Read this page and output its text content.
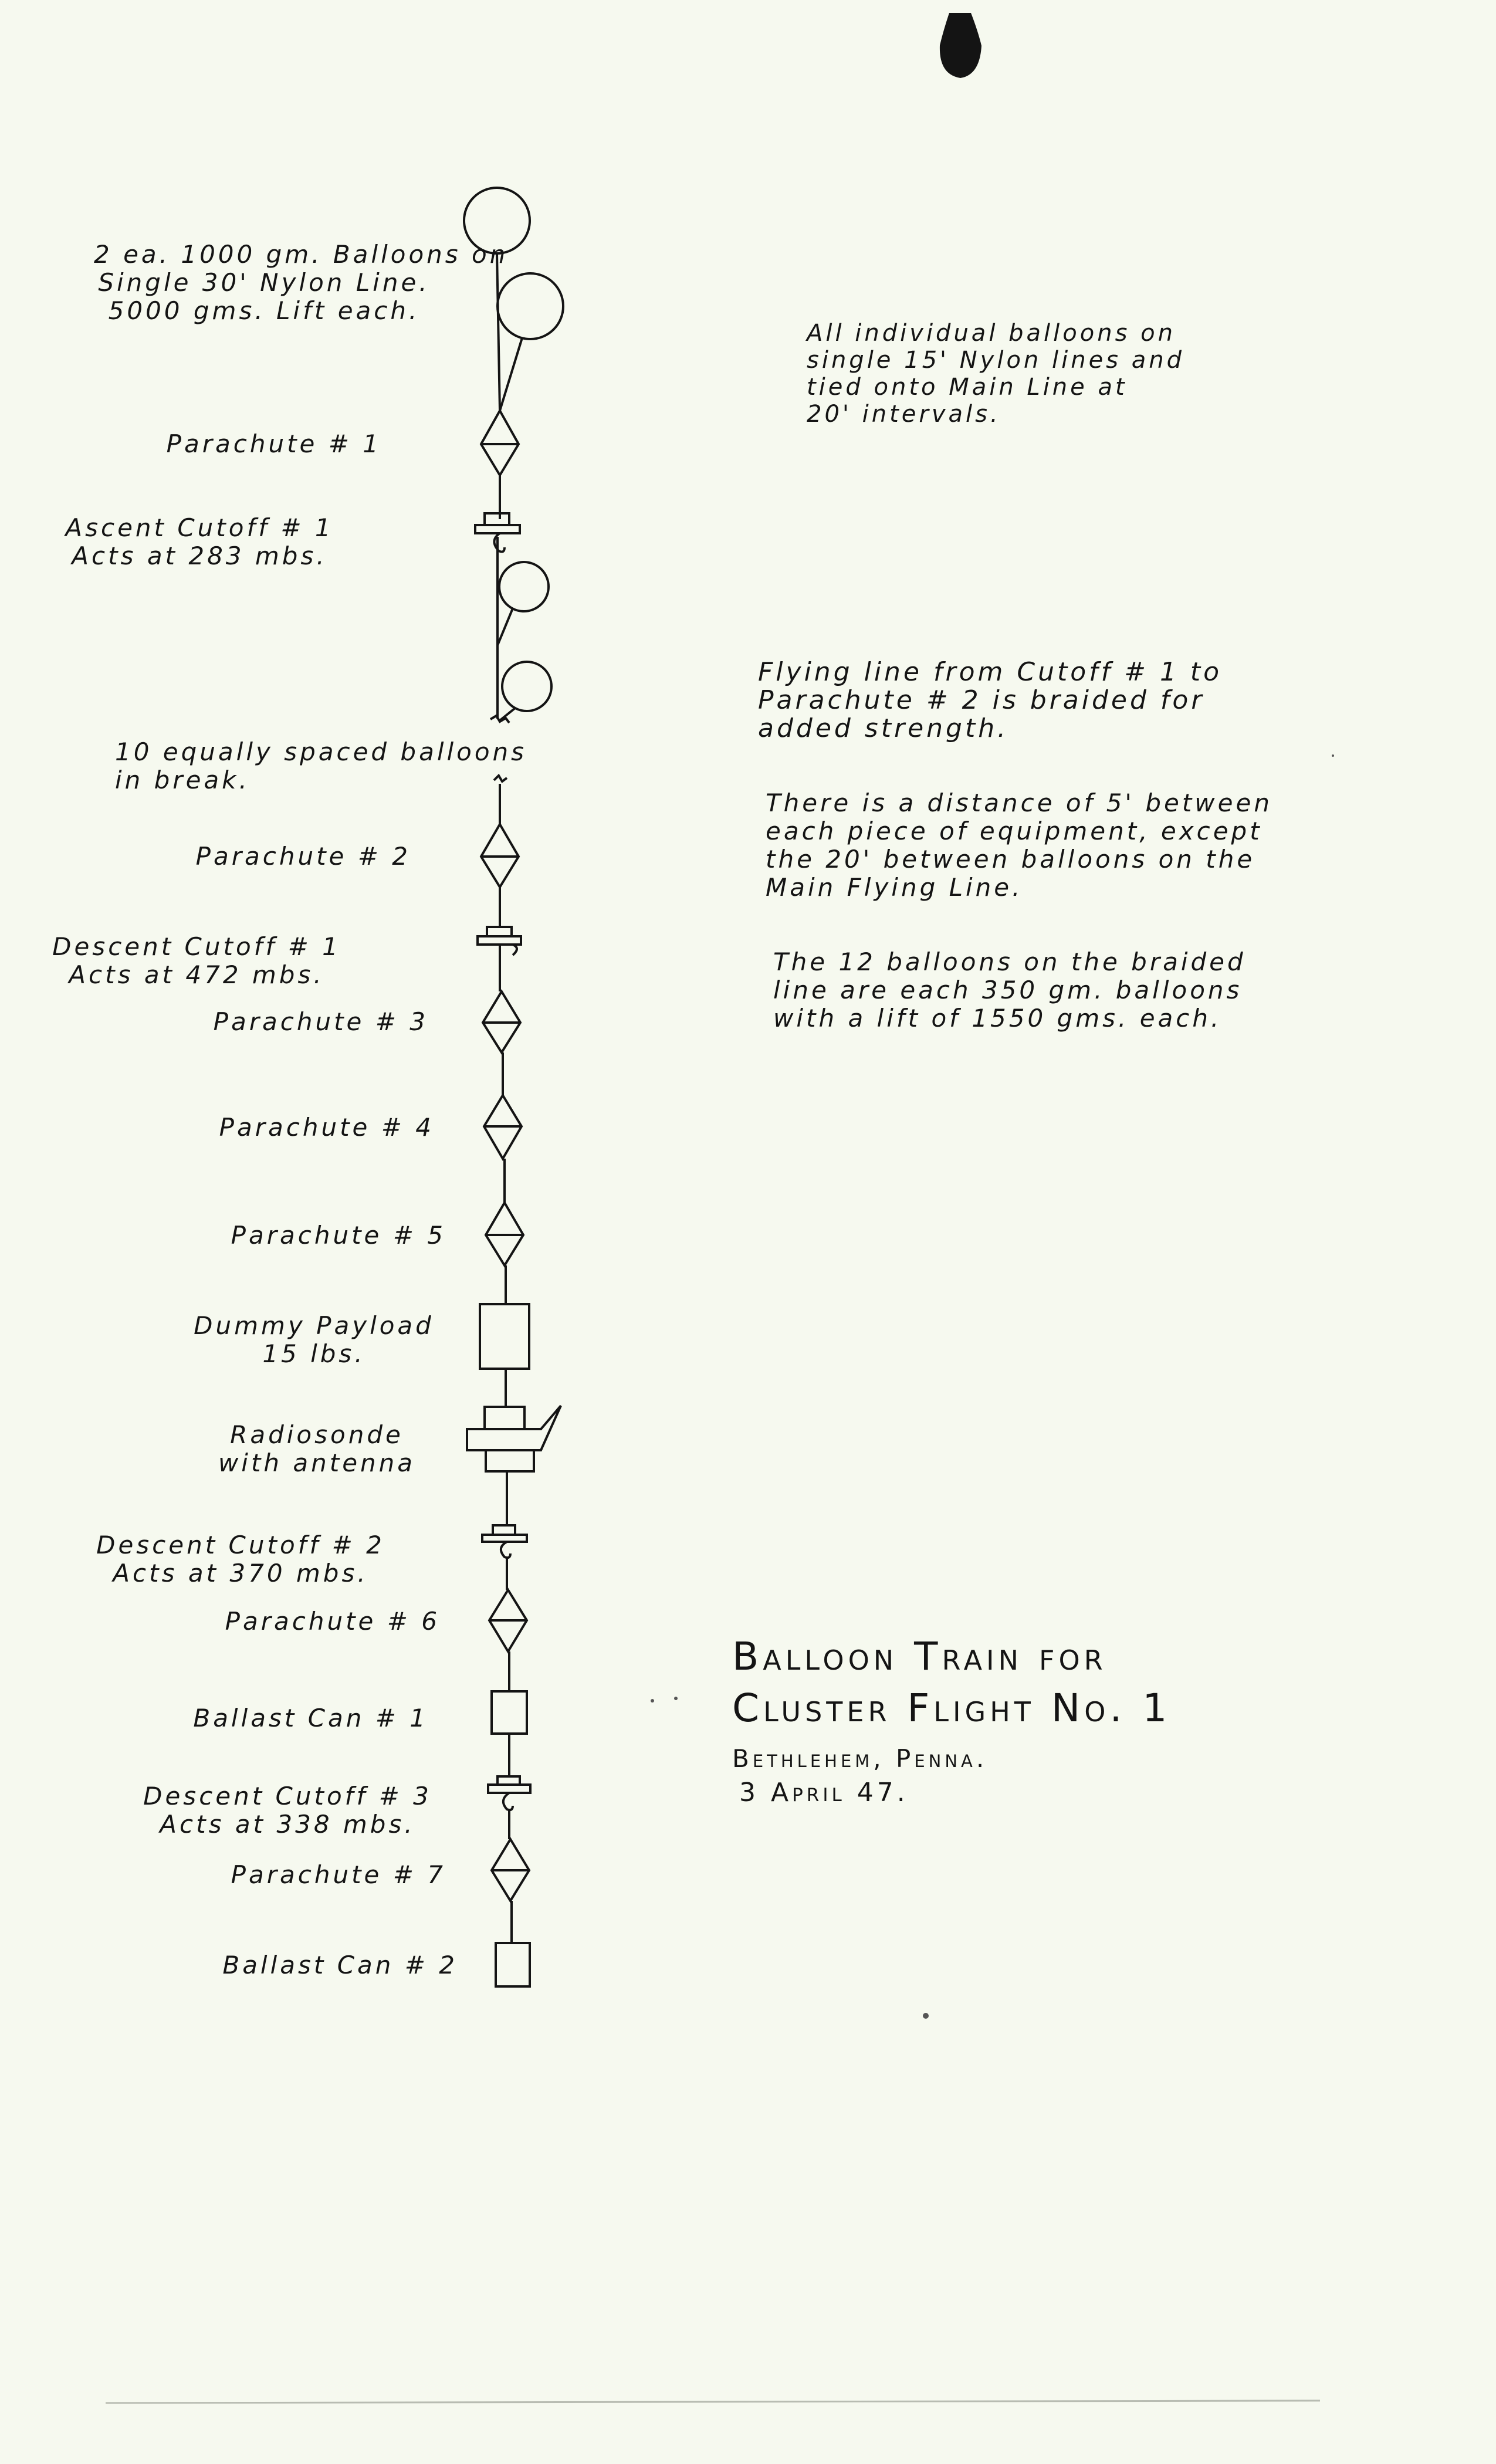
2 ea. 1000 gm. Balloons on
Single 30' Nylon Line.
5000 gms. Lift each.
Parachute # 1
Ascent Cutoff # 1
Acts at 283 mbs.
10 equally spaced balloons
in break.
Parachute # 2
Descent Cutoff # 1
Acts at 472 mbs.
Parachute # 3
Parachute # 4
Parachute # 5
Dummy Payload
15 lbs.
Radiosonde
with antenna
Descent Cutoff # 2
Acts at 370 mbs.
Parachute # 6
Ballast Can # 1
Descent Cutoff # 3
Acts at 338 mbs.
Parachute # 7
Ballast Can # 2
All individual balloons on
single 15' Nylon lines and
tied onto Main Line at
20' intervals.
Flying line from Cutoff # 1 to
Parachute # 2 is braided for
added strength.
There is a distance of 5' between
each piece of equipment, except
the 20' between balloons on the
Main Flying Line.
The 12 balloons on the braided
line are each 350 gm. balloons
with a lift of 1550 gms. each.
Balloon Train for
Cluster Flight No. 1
Bethlehem, Penna.
3 April 47.
